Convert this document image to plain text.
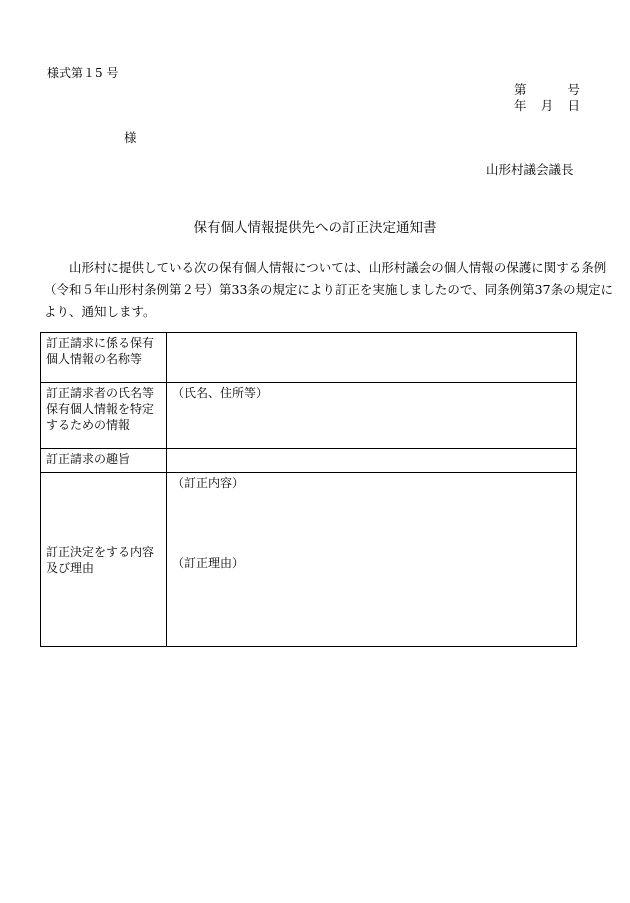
様式第１5 号
第	号
年 月 日
様
山形村議会議長
保有個人情報提供先への訂正決定通知書

　　山形村に提供している次の保有個人情報については、山形村議会の個人情報の保護に関する条例

（令和５年山形村条例第２号）第33条の規定により訂正を実施しましたので、同条例第37条の規定に

より、通知します。

訂正請求に係る保有個人情報の名称等	
訂正請求者の氏名等保有個人情報を特定するための情報	（氏名、住所等）
訂正請求の趣旨	
訂正決定をする内容及び理由	（訂正内容）
（訂正理由）
